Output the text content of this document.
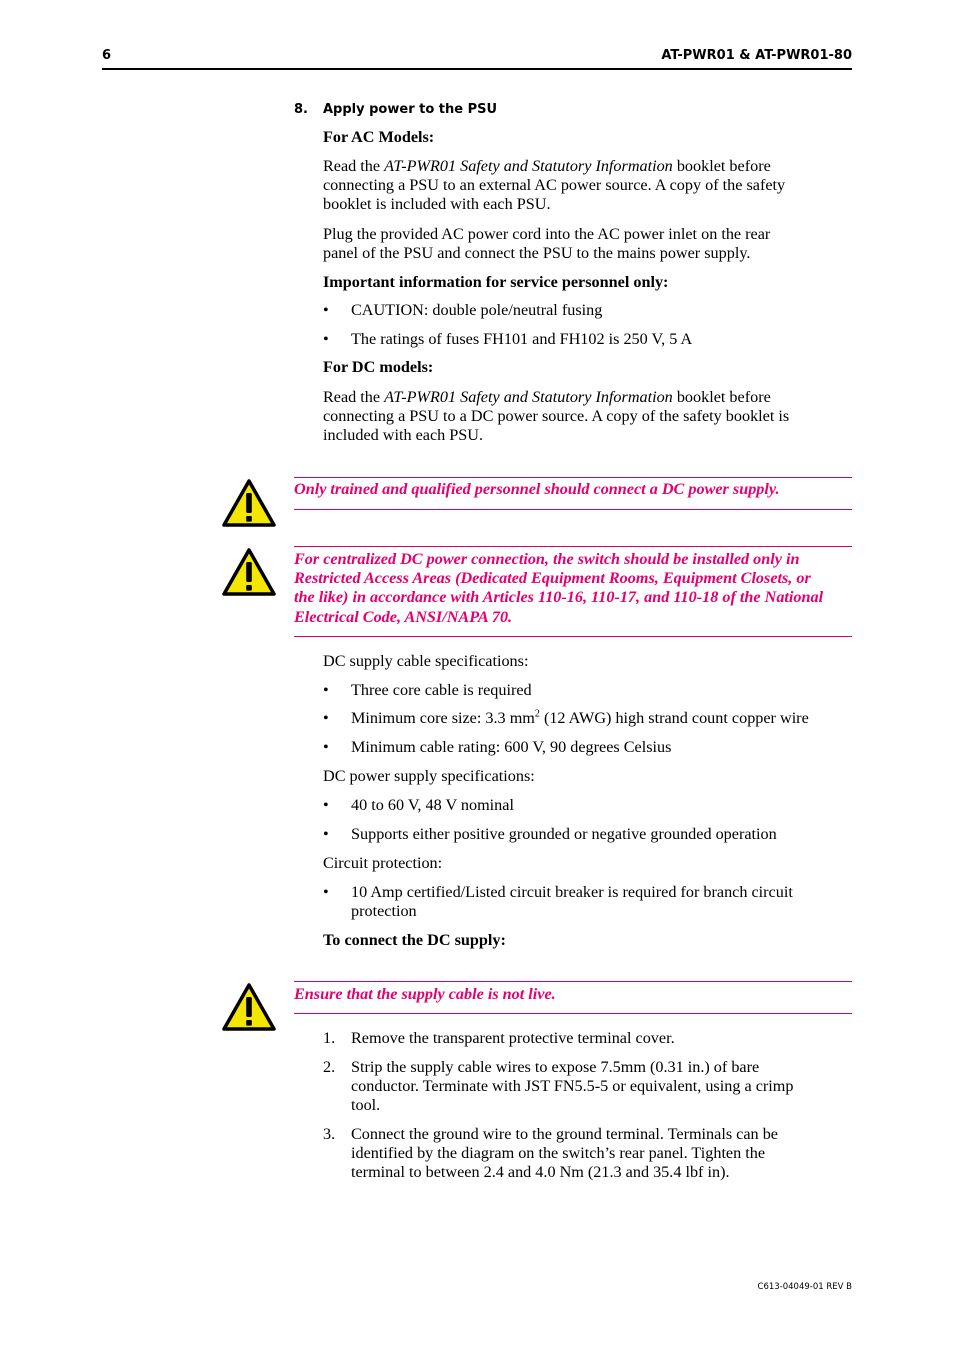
6	AT-PWR01 & AT-PWR01-80
8. Apply power to the PSU

For AC Models:

Read the AT-PWR01 Safety and Statutory Information booklet before
connecting a PSU to an external AC power source. A copy of the safety
booklet is included with each PSU.
Plug the provided AC power cord into the AC power inlet on the rear
panel of the PSU and connect the PSU to the mains power supply.

Important information for service personnel only:

• CAUTION: double pole/neutral fusing
• The ratings of fuses FH101 and FH102 is 250 V, 5 A

For DC models:

Read the AT-PWR01 Safety and Statutory Information booklet before
connecting a PSU to a DC power source. A copy of the safety booklet is
included with each PSU.
Only trained and qualified personnel should connect a DC power supply.
For centralized DC power connection, the switch should be installed only in
Restricted Access Areas (Dedicated Equipment Rooms, Equipment Closets, or
the like) in accordance with Articles 110-16, 110-17, and 110-18 of the National
Electrical Code, ANSI/NAPA 70.

DC supply cable specifications:

• Three core cable is required
• Minimum core size: 3.3 $mm^2$ (12 AWG) high strand count copper wire
• Minimum cable rating: 600 V, 90 degrees Celsius

DC power supply specifications:

• 40 to 60 V, 48 V nominal
• Supports either positive grounded or negative grounded operation

Circuit protection:

• 10 Amp certified/Listed circuit breaker is required for branch circuit
protection

To connect the DC supply:

Ensure that the supply cable is not live.
1. Remove the transparent protective terminal cover.
2. Strip the supply cable wires to expose 7.5mm (0.31 in.) of bare
conductor. Terminate with JST FN5.5-5 or equivalent, using a crimp
tool.
3. Connect the ground wire to the ground terminal. Terminals can be
identified by the diagram on the switch’s rear panel. Tighten the
terminal to between 2.4 and 4.0 Nm (21.3 and 35.4 lbf in).
C613-04049-01 REV B
